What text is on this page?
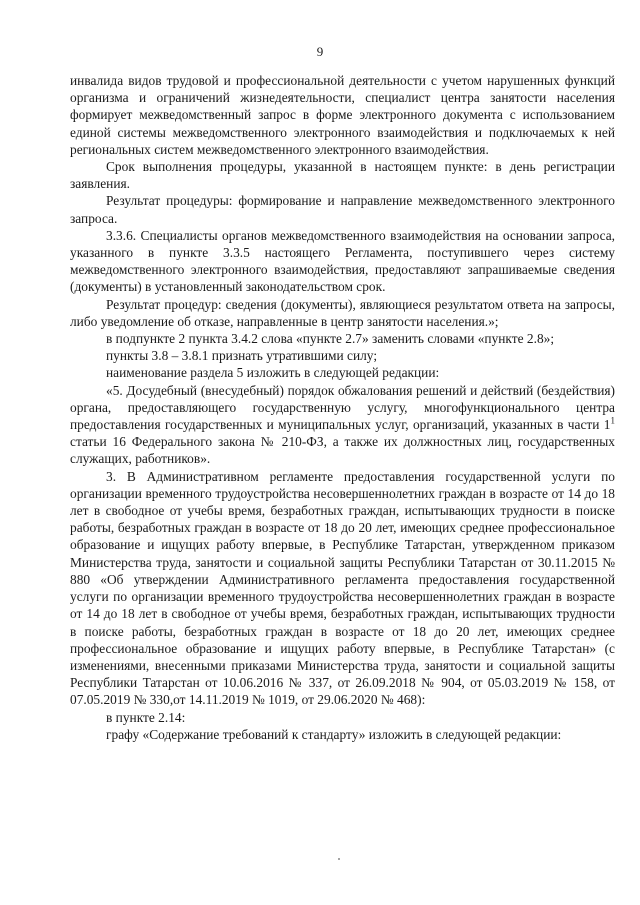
9

инвалида видов трудовой и профессиональной деятельности с учетом нарушенных функций организма и ограничений жизнедеятельности, специалист центра занятости населения формирует межведомственный запрос в форме электронного документа с использованием единой системы межведомственного электронного взаимодействия и подключаемых к ней региональных систем межведомственного электронного взаимодействия.

Срок выполнения процедуры, указанной в настоящем пункте: в день регистрации заявления.

Результат процедуры: формирование и направление межведомственного электронного запроса.

3.3.6. Специалисты органов межведомственного взаимодействия на основании запроса, указанного в пункте 3.3.5 настоящего Регламента, поступившего через систему межведомственного электронного взаимодействия, предоставляют запрашиваемые сведения (документы) в установленный законодательством срок.

Результат процедур: сведения (документы), являющиеся результатом ответа на запросы, либо уведомление об отказе, направленные в центр занятости населения.»;

в подпункте 2 пункта 3.4.2 слова «пункте 2.7» заменить словами «пункте 2.8»;

пункты 3.8 – 3.8.1 признать утратившими силу;

наименование раздела 5 изложить в следующей редакции:

«5. Досудебный (внесудебный) порядок обжалования решений и действий (бездействия) органа, предоставляющего государственную услугу, многофункционального центра предоставления государственных и муниципальных услуг, организаций, указанных в части $1^1$ статьи 16 Федерального закона № 210-ФЗ, а также их должностных лиц, государственных служащих, работников».

3. В Административном регламенте предоставления государственной услуги по организации временного трудоустройства несовершеннолетних граждан в возрасте от 14 до 18 лет в свободное от учебы время, безработных граждан, испытывающих трудности в поиске работы, безработных граждан в возрасте от 18 до 20 лет, имеющих среднее профессиональное образование и ищущих работу впервые, в Республике Татарстан, утвержденном приказом Министерства труда, занятости и социальной защиты Республики Татарстан от 30.11.2015 № 880 «Об утверждении Административного регламента предоставления государственной услуги по организации временного трудоустройства несовершеннолетних граждан в возрасте от 14 до 18 лет в свободное от учебы время, безработных граждан, испытывающих трудности в поиске работы, безработных граждан в возрасте от 18 до 20 лет, имеющих среднее профессиональное образование и ищущих работу впервые, в Республике Татарстан» (с изменениями, внесенными приказами Министерства труда, занятости и социальной защиты Республики Татарстан от 10.06.2016 № 337, от 26.09.2018 № 904, от 05.03.2019 № 158, от 07.05.2019 № 330,от 14.11.2019 № 1019, от 29.06.2020 № 468):

в пункте 2.14:

графу «Содержание требований к стандарту» изложить в следующей редакции:
